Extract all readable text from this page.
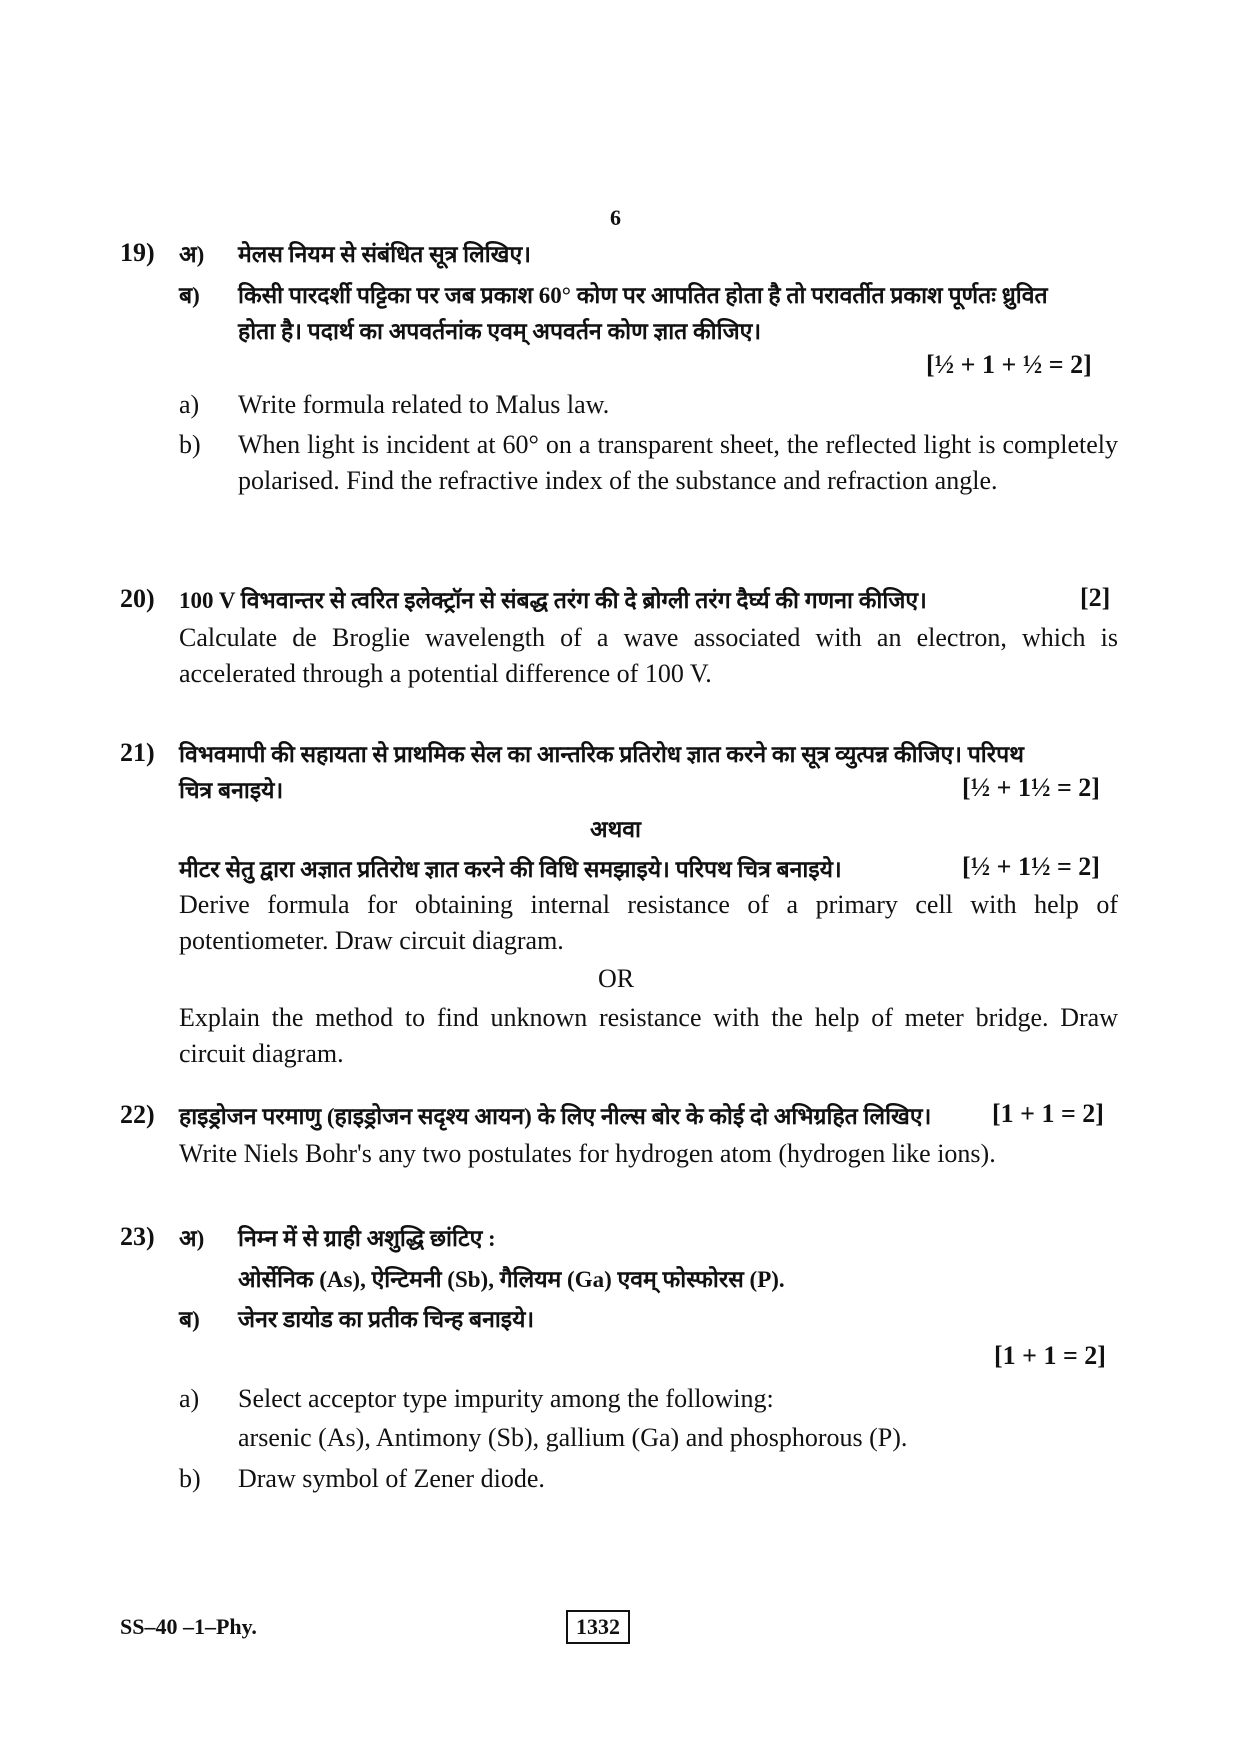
6
19) अ) मेलस नियम से संबंधित सूत्र लिखिए।
ब) किसी पारदर्शी पट्टिका पर जब प्रकाश 60° कोण पर आपतित होता है तो परावर्तीत प्रकाश पूर्णतः ध्रुवित
होता है। पदार्थ का अपवर्तनांक एवम् अपवर्तन कोण ज्ञात कीजिए।
[½ + 1 + ½ = 2]
a) Write formula related to Malus law.
b) When light is incident at 60° on a transparent sheet, the reflected light is completely polarised. Find the refractive index of the substance and refraction angle.
20) 100 V विभवान्तर से त्वरित इलेक्ट्रॉन से संबद्ध तरंग की दे ब्रोग्ली तरंग दैर्घ्य की गणना कीजिए।	[2]
Calculate de Broglie wavelength of a wave associated with an electron, which is accelerated through a potential difference of 100 V.
21) विभवमापी की सहायता से प्राथमिक सेल का आन्तरिक प्रतिरोध ज्ञात करने का सूत्र व्युत्पन्न कीजिए। परिपथ
चित्र बनाइये।	[½ + 1½ = 2]
अथवा
मीटर सेतु द्वारा अज्ञात प्रतिरोध ज्ञात करने की विधि समझाइये। परिपथ चित्र बनाइये।	[½ + 1½ = 2]
Derive formula for obtaining internal resistance of a primary cell with help of potentiometer. Draw circuit diagram.
OR
Explain the method to find unknown resistance with the help of meter bridge. Draw circuit diagram.
22) हाइड्रोजन परमाणु (हाइड्रोजन सदृश्य आयन) के लिए नील्स बोर के कोई दो अभिग्रहित लिखिए। [1 + 1 = 2]
Write Niels Bohr's any two postulates for hydrogen atom (hydrogen like ions).
23) अ) निम्न में से ग्राही अशुद्धि छांटिए :
ओर्सेनिक (As), ऐन्टिमनी (Sb), गैलियम (Ga) एवम् फोस्फोरस (P).
ब) जेनर डायोड का प्रतीक चिन्ह बनाइये।
[1 + 1 = 2]
a) Select acceptor type impurity among the following:
arsenic (As), Antimony (Sb), gallium (Ga) and phosphorous (P).
b) Draw symbol of Zener diode.
SS–40 –1–Phy.	1332
